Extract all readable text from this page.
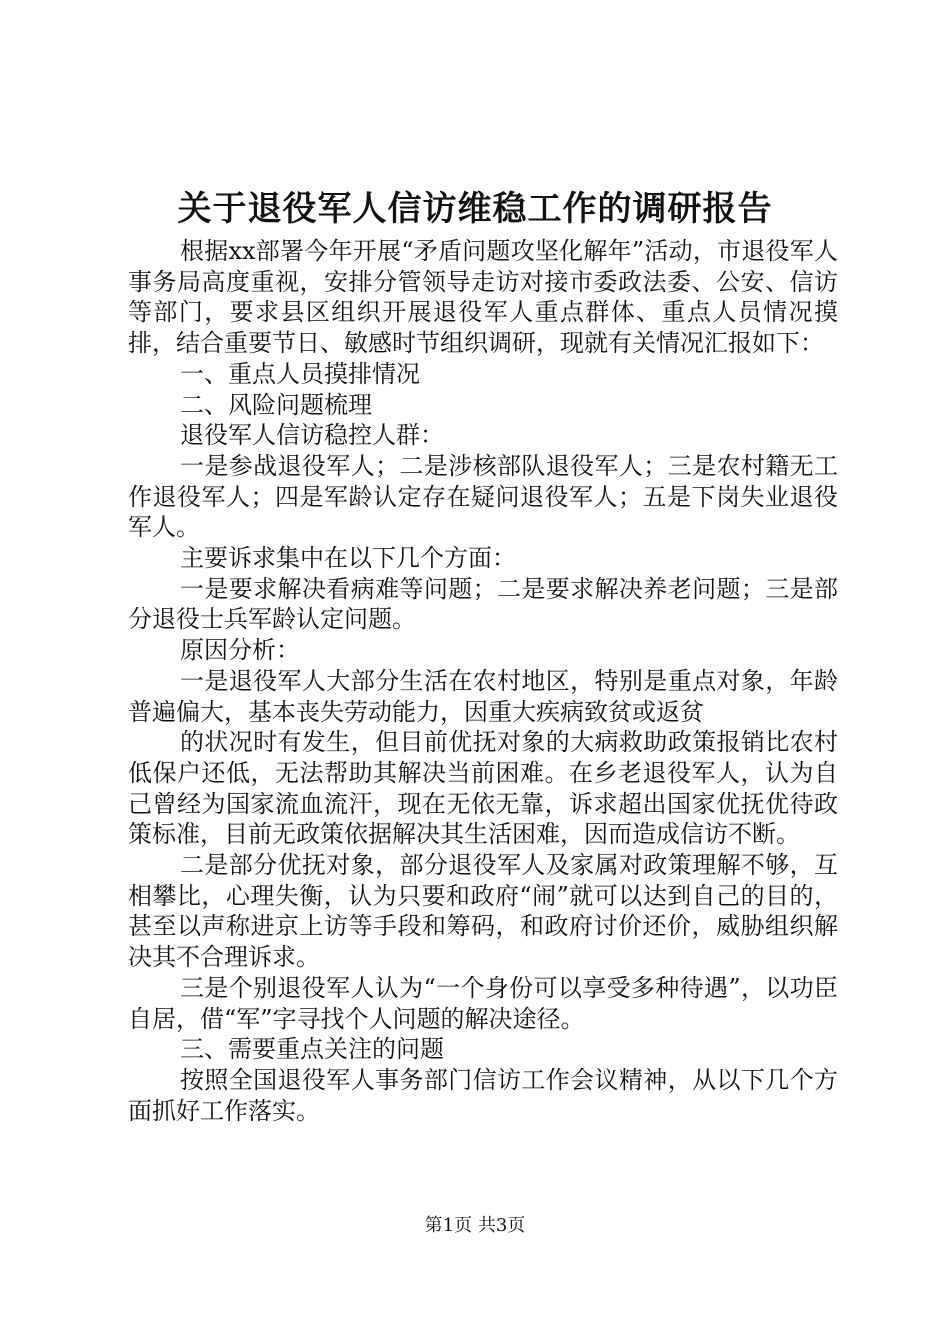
关于退役军人信访维稳工作的调研报告

根据xx部署今年开展“矛盾问题攻坚化解年”活动，市退役军人事务局高度重视，安排分管领导走访对接市委政法委、公安、信访等部门，要求县区组织开展退役军人重点群体、重点人员情况摸排，结合重要节日、敏感时节组织调研，现就有关情况汇报如下：

一、重点人员摸排情况

二、风险问题梳理

退役军人信访稳控人群：

一是参战退役军人；二是涉核部队退役军人；三是农村籍无工作退役军人；四是军龄认定存在疑问退役军人；五是下岗失业退役军人。

主要诉求集中在以下几个方面：

一是要求解决看病难等问题；二是要求解决养老问题；三是部分退役士兵军龄认定问题。

原因分析：

一是退役军人大部分生活在农村地区，特别是重点对象，年龄普遍偏大，基本丧失劳动能力，因重大疾病致贫或返贫

的状况时有发生，但目前优抚对象的大病救助政策报销比农村低保户还低，无法帮助其解决当前困难。在乡老退役军人，认为自己曾经为国家流血流汗，现在无依无靠，诉求超出国家优抚优待政策标准，目前无政策依据解决其生活困难，因而造成信访不断。

二是部分优抚对象，部分退役军人及家属对政策理解不够，互相攀比，心理失衡，认为只要和政府“闹”就可以达到自己的目的，甚至以声称进京上访等手段和筹码，和政府讨价还价，威胁组织解决其不合理诉求。

三是个别退役军人认为“一个身份可以享受多种待遇”，以功臣自居，借“军”字寻找个人问题的解决途径。

三、需要重点关注的问题

按照全国退役军人事务部门信访工作会议精神，从以下几个方面抓好工作落实。

第1页 共3页
